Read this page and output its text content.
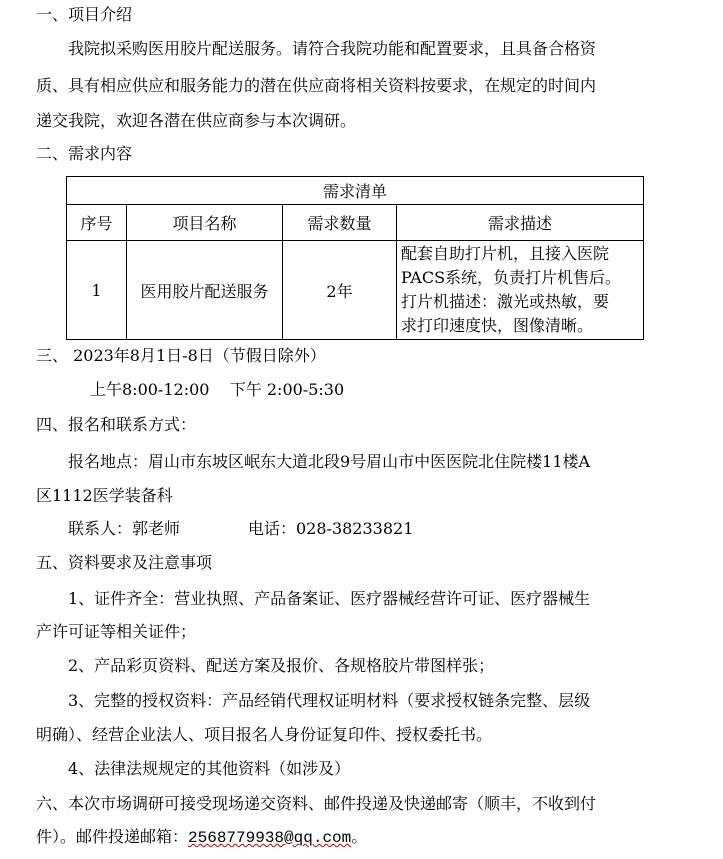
一、项目介绍
我院拟采购医用胶片配送服务。请符合我院功能和配置要求，且具备合格资
质、具有相应供应和服务能力的潜在供应商将相关资料按要求，在规定的时间内
递交我院，欢迎各潜在供应商参与本次调研。
二、需求内容
需求清单			
序号	项目名称	需求数量	需求描述
1	医用胶片配送服务	2年	配套自助打片机，且接入医院
PACS系统，负责打片机售后。
打片机描述：激光或热敏，要
求打印速度快，图像清晰。
三、 2023年8月1日-8日（节假日除外）
上午8:00-12:00    下午 2:00-5:30
四、报名和联系方式：
报名地点：眉山市东坡区岷东大道北段9号眉山市中医医院北住院楼11楼A
区1112医学装备科
联系人：郭老师	电话：028-38233821
五、资料要求及注意事项
1、证件齐全：营业执照、产品备案证、医疗器械经营许可证、医疗器械生
产许可证等相关证件；
2、产品彩页资料、配送方案及报价、各规格胶片带图样张；
3、完整的授权资料：产品经销代理权证明材料（要求授权链条完整、层级
明确）、经营企业法人、项目报名人身份证复印件、授权委托书。
4、法律法规规定的其他资料（如涉及）
六、本次市场调研可接受现场递交资料、邮件投递及快递邮寄（顺丰，不收到付
件）。邮件投递邮箱：2568779938@qq.com。
